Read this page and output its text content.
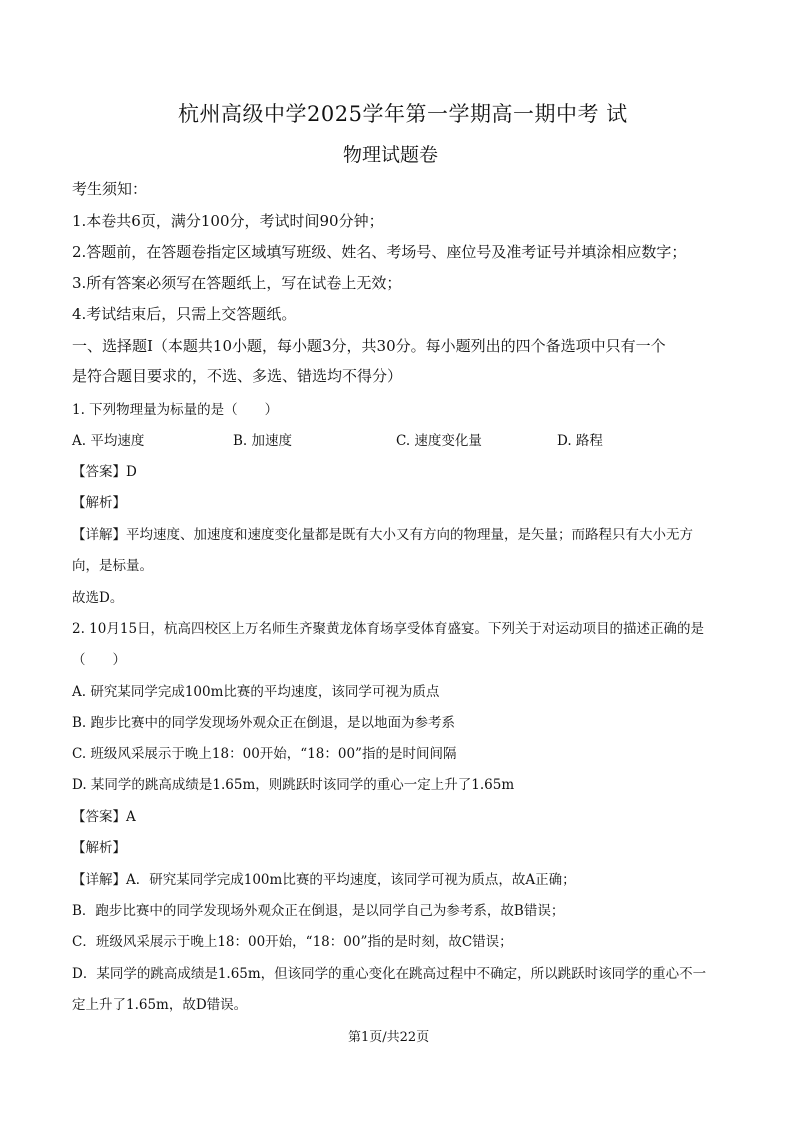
杭州高级中学2025学年第一学期高一期中考 试
物理试题卷
考生须知：
1.本卷共6页，满分100分，考试时间90分钟；
2.答题前，在答题卷指定区域填写班级、姓名、考场号、座位号及准考证号并填涂相应数字；
3.所有答案必须写在答题纸上，写在试卷上无效；
4.考试结束后，只需上交答题纸。
一、选择题Ⅰ（本题共10小题，每小题3分，共30分。每小题列出的四个备选项中只有一个
是符合题目要求的，不选、多选、错选均不得分）
1. 下列物理量为标量的是（　　）
A. 平均速度	B. 加速度	C. 速度变化量	D. 路程
【答案】D
【解析】
【详解】平均速度、加速度和速度变化量都是既有大小又有方向的物理量，是矢量；而路程只有大小无方
向，是标量。
故选D。
2. 10月15日，杭高四校区上万名师生齐聚黄龙体育场享受体育盛宴。下列关于对运动项目的描述正确的是
（　　）
A. 研究某同学完成100m比赛的平均速度，该同学可视为质点
B. 跑步比赛中的同学发现场外观众正在倒退，是以地面为参考系
C. 班级风采展示于晚上18：00开始，“18：00”指的是时间间隔
D. 某同学的跳高成绩是1.65m，则跳跃时该同学的重心一定上升了1.65m
【答案】A
【解析】
【详解】A．研究某同学完成100m比赛的平均速度，该同学可视为质点，故A正确；
B．跑步比赛中的同学发现场外观众正在倒退，是以同学自己为参考系，故B错误；
C．班级风采展示于晚上18：00开始，“18：00”指的是时刻，故C错误；
D．某同学的跳高成绩是1.65m，但该同学的重心变化在跳高过程中不确定，所以跳跃时该同学的重心不一
定上升了1.65m，故D错误。
第1页/共22页
